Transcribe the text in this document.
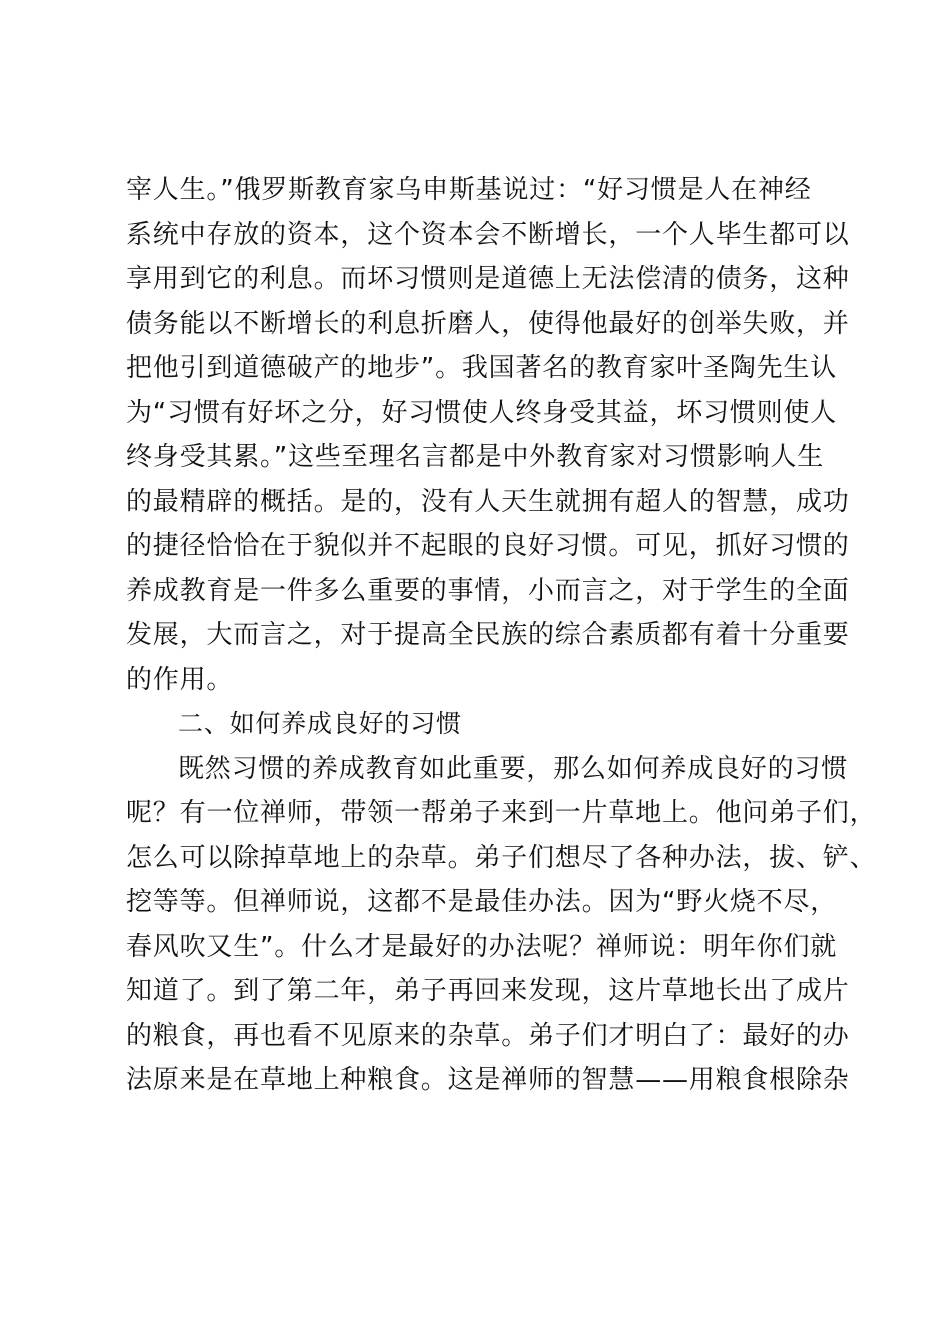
宰人生。”俄罗斯教育家乌申斯基说过：“好习惯是人在神经
系统中存放的资本，这个资本会不断增长，一个人毕生都可以
享用到它的利息。而坏习惯则是道德上无法偿清的债务，这种
债务能以不断增长的利息折磨人，使得他最好的创举失败，并
把他引到道德破产的地步”。我国著名的教育家叶圣陶先生认
为“习惯有好坏之分，好习惯使人终身受其益，坏习惯则使人
终身受其累。”这些至理名言都是中外教育家对习惯影响人生
的最精辟的概括。是的，没有人天生就拥有超人的智慧，成功
的捷径恰恰在于貌似并不起眼的良好习惯。可见，抓好习惯的
养成教育是一件多么重要的事情，小而言之，对于学生的全面
发展，大而言之，对于提高全民族的综合素质都有着十分重要
的作用。
二、如何养成良好的习惯
既然习惯的养成教育如此重要，那么如何养成良好的习惯
呢？有一位禅师，带领一帮弟子来到一片草地上。他问弟子们，
怎么可以除掉草地上的杂草。弟子们想尽了各种办法，拔、铲、
挖等等。但禅师说，这都不是最佳办法。因为“野火烧不尽，
春风吹又生”。什么才是最好的办法呢？禅师说：明年你们就
知道了。到了第二年，弟子再回来发现，这片草地长出了成片
的粮食，再也看不见原来的杂草。弟子们才明白了：最好的办
法原来是在草地上种粮食。这是禅师的智慧——用粮食根除杂
